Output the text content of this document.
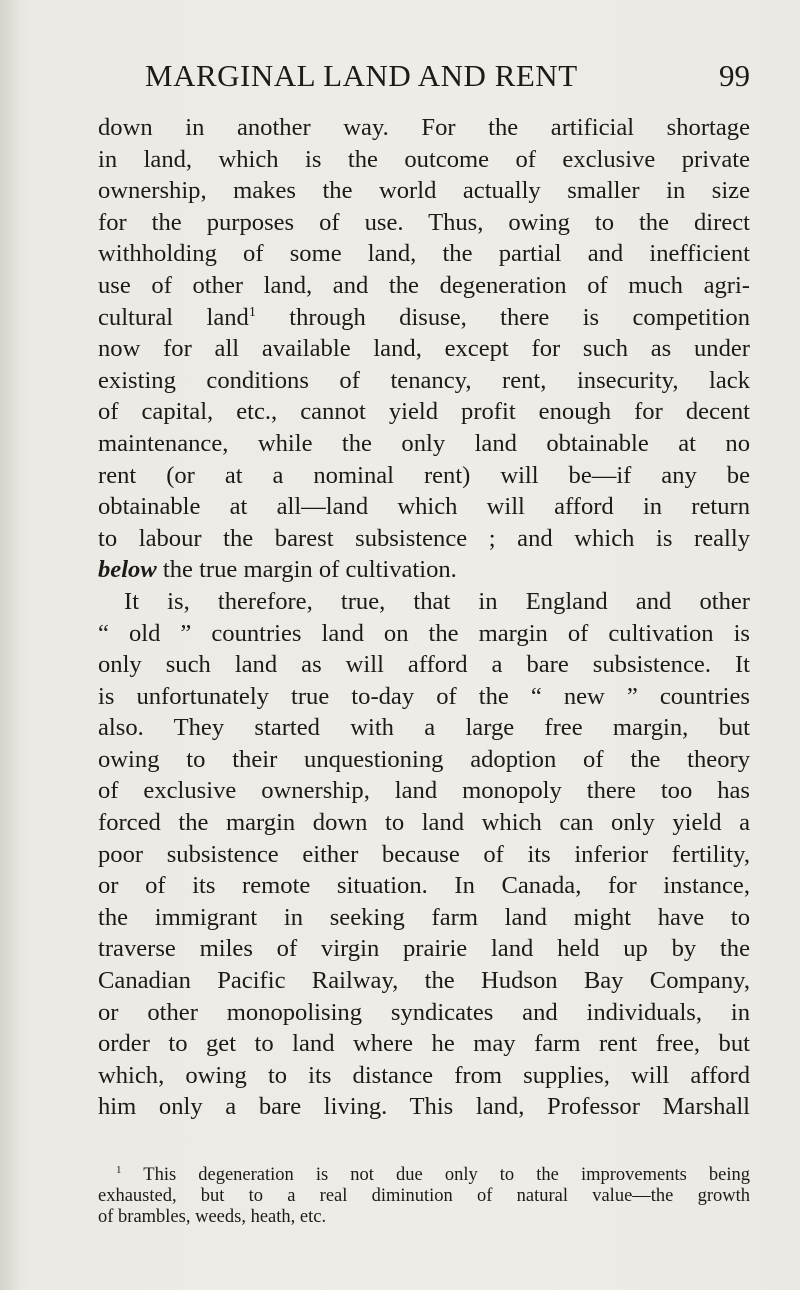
MARGINAL LAND AND RENT	99
down in another way. For the artificial shortage
in land, which is the outcome of exclusive private
ownership, makes the world actually smaller in size
for the purposes of use. Thus, owing to the direct
withholding of some land, the partial and inefficient
use of other land, and the degeneration of much agri-
cultural land$^1$ through disuse, there is competition
now for all available land, except for such as under
existing conditions of tenancy, rent, insecurity, lack
of capital, etc., cannot yield profit enough for decent
maintenance, while the only land obtainable at no
rent (or at a nominal rent) will be—if any be
obtainable at all—land which will afford in return
to labour the barest subsistence ; and which is really
below the true margin of cultivation.
It is, therefore, true, that in England and other
“ old ” countries land on the margin of cultivation is
only such land as will afford a bare subsistence. It
is unfortunately true to-day of the “ new ” countries
also. They started with a large free margin, but
owing to their unquestioning adoption of the theory
of exclusive ownership, land monopoly there too has
forced the margin down to land which can only yield a
poor subsistence either because of its inferior fertility,
or of its remote situation. In Canada, for instance,
the immigrant in seeking farm land might have to
traverse miles of virgin prairie land held up by the
Canadian Pacific Railway, the Hudson Bay Company,
or other monopolising syndicates and individuals, in
order to get to land where he may farm rent free, but
which, owing to its distance from supplies, will afford
him only a bare living. This land, Professor Marshall
$^1$ This degeneration is not due only to the improvements being
exhausted, but to a real diminution of natural value—the growth
of brambles, weeds, heath, etc.
